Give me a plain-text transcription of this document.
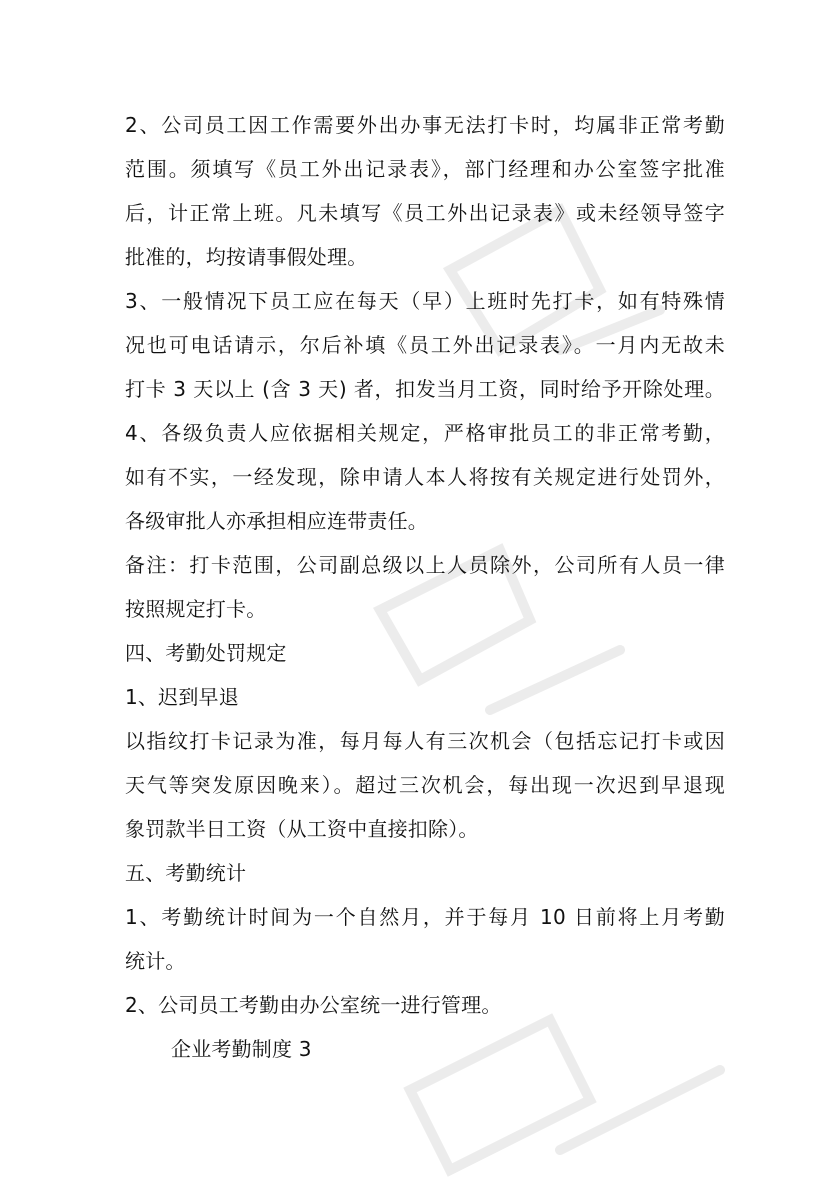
2、公司员工因工作需要外出办事无法打卡时，均属非正常考勤
范围。须填写《员工外出记录表》，部门经理和办公室签字批准
后，计正常上班。凡未填写《员工外出记录表》或未经领导签字
批准的，均按请事假处理。
3、一般情况下员工应在每天（早）上班时先打卡，如有特殊情
况也可电话请示，尔后补填《员工外出记录表》。一月内无故未
打卡 3 天以上 (含 3 天) 者，扣发当月工资，同时给予开除处理。
4、各级负责人应依据相关规定，严格审批员工的非正常考勤，
如有不实，一经发现，除申请人本人将按有关规定进行处罚外，
各级审批人亦承担相应连带责任。
备注：打卡范围，公司副总级以上人员除外，公司所有人员一律
按照规定打卡。
四、考勤处罚规定
1、迟到早退
以指纹打卡记录为准，每月每人有三次机会（包括忘记打卡或因
天气等突发原因晚来）。超过三次机会，每出现一次迟到早退现
象罚款半日工资（从工资中直接扣除）。
五、考勤统计
1、考勤统计时间为一个自然月，并于每月 10 日前将上月考勤
统计。
2、公司员工考勤由办公室统一进行管理。
企业考勤制度 3
